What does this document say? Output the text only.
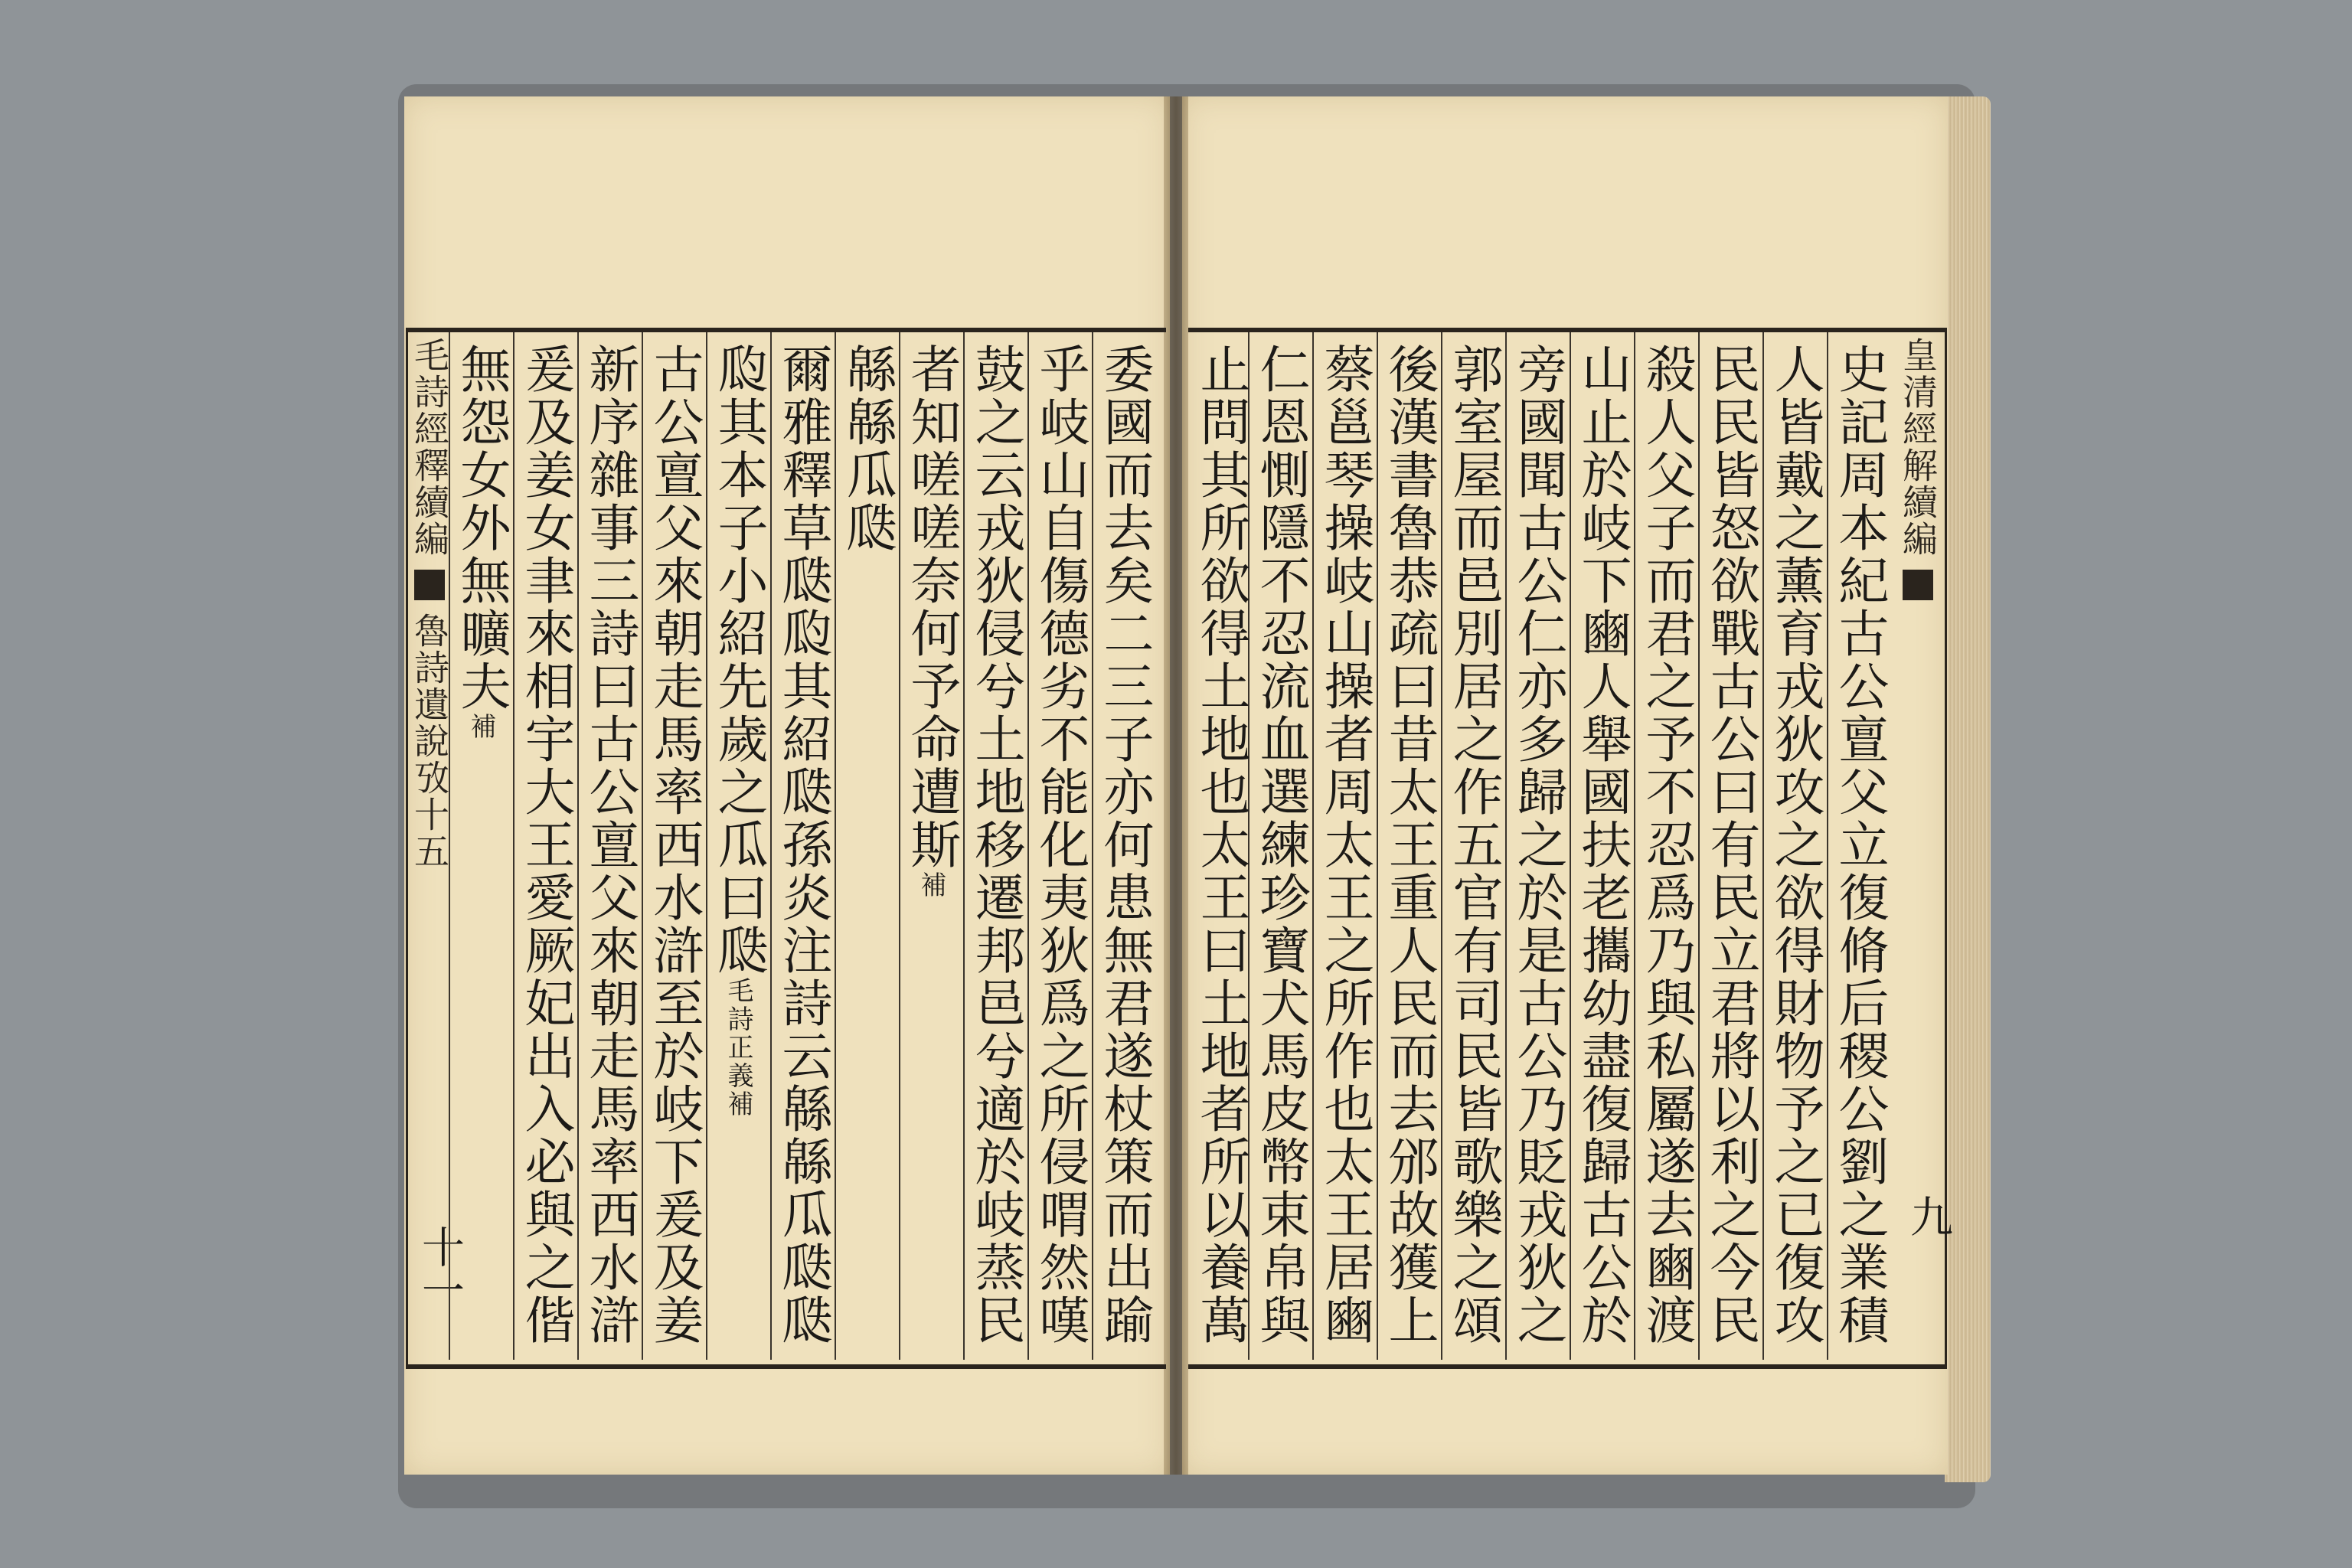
毛詩經釋續編魯詩遺說攷十五
十一
委國而去矣二三子亦何患無君遂杖策而出踰
乎岐山自傷德劣不能化夷狄爲之所侵喟然嘆
鼓之云戎狄侵兮土地移遷邦邑兮適於岐蒸民
者知嗟嗟奈何予命遭斯補
緜緜瓜瓞
爾雅釋草瓞瓝其紹瓞孫炎注詩云緜緜瓜瓞瓞
瓝其本子小紹先歲之瓜曰瓞毛詩正義補
古公亶父來朝走馬率西水滸至於岐下爰及姜
新序雜事三詩曰古公亶父來朝走馬率西水滸
爰及姜女聿來相宇大王愛厥妃出入必與之偕
無怨女外無曠夫補
史記周本紀古公亶父立復脩后稷公劉之業積
人皆戴之薰育戎狄攻之欲得財物予之已復攻
民民皆怒欲戰古公曰有民立君將以利之今民
殺人父子而君之予不忍爲乃與私屬遂去豳渡
山止於岐下豳人舉國扶老攜幼盡復歸古公於
旁國聞古公仁亦多歸之於是古公乃貶戎狄之
郭室屋而邑別居之作五官有司民皆歌樂之頌
後漢書魯恭疏曰昔太王重人民而去邠故獲上
蔡邕琴操岐山操者周太王之所作也太王居豳
仁恩惻隱不忍流血選練珍寶犬馬皮幣束帛與
止問其所欲得土地也太王曰土地者所以養萬
皇清經解續編
九
